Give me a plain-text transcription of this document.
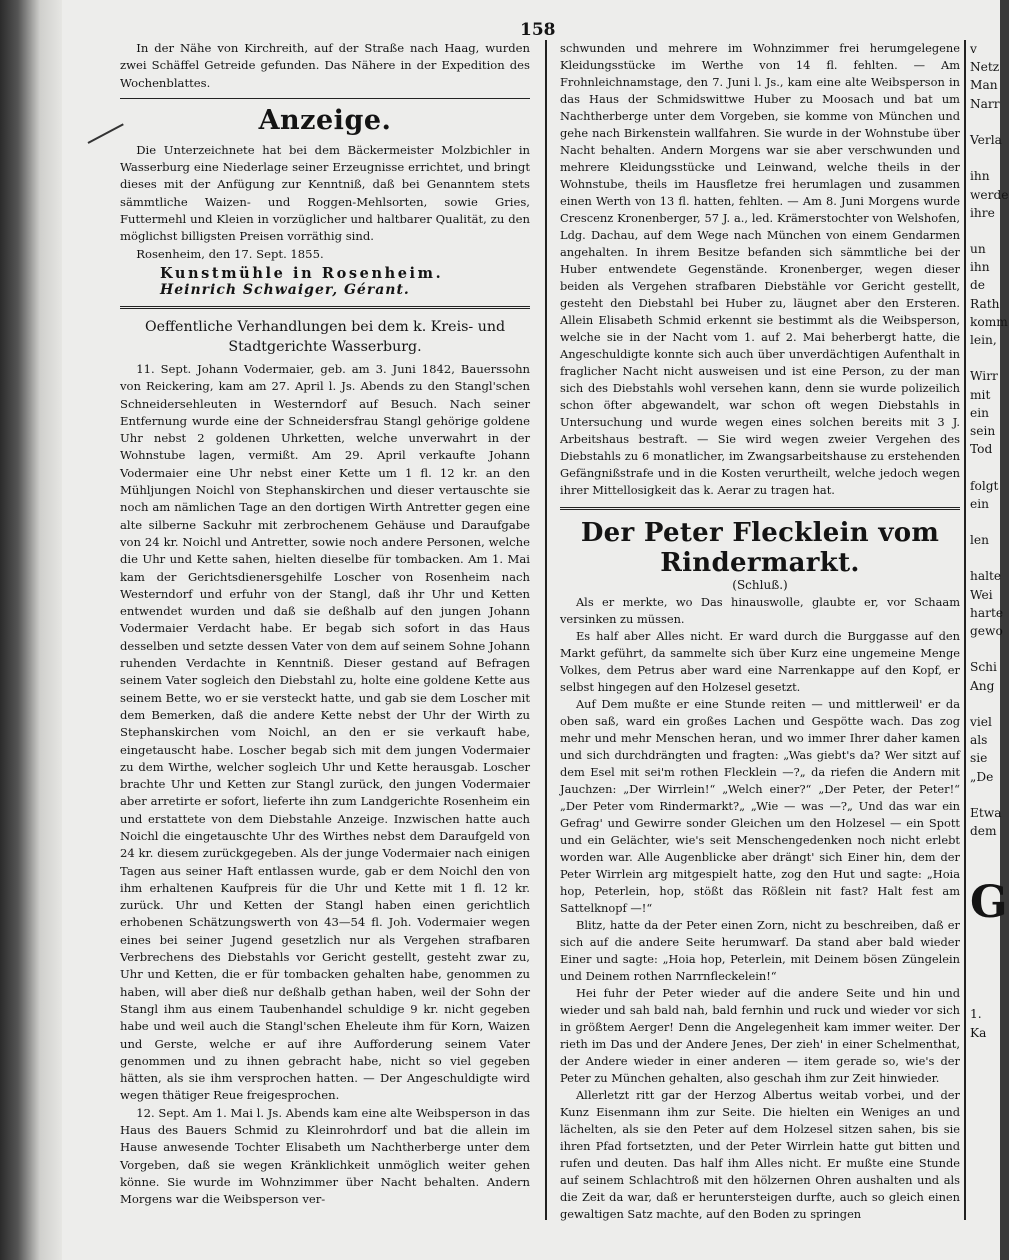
158

In der Nähe von Kirchreith, auf der Straße nach Haag, wurden zwei Schäffel Getreide gefunden. Das Nähere in der Expedition des Wochenblattes.

Anzeige.

Die Unterzeichnete hat bei dem Bäckermeister Molzbichler in Wasserburg eine Niederlage seiner Erzeugnisse errichtet, und bringt dieses mit der Anfügung zur Kenntniß, daß bei Genanntem stets sämmtliche Waizen- und Roggen-Mehlsorten, sowie Gries, Futtermehl und Kleien in vorzüglicher und haltbarer Qualität, zu den möglichst billigsten Preisen vorräthig sind.

Rosenheim, den 17. Sept. 1855.

Kunstmühle in Rosenheim.
Heinrich Schwaiger, Gérant.
Oeffentliche Verhandlungen bei dem k. Kreis- und Stadtgerichte Wasserburg.

11. Sept. Johann Vodermaier, geb. am 3. Juni 1842, Bauerssohn von Reickering, kam am 27. April l. Js. Abends zu den Stangl'schen Schneidersehleuten in Westerndorf auf Besuch. Nach seiner Entfernung wurde eine der Schneidersfrau Stangl gehörige goldene Uhr nebst 2 goldenen Uhrketten, welche unverwahrt in der Wohnstube lagen, vermißt. Am 29. April verkaufte Johann Vodermaier eine Uhr nebst einer Kette um 1 fl. 12 kr. an den Mühljungen Noichl von Stephanskirchen und dieser vertauschte sie noch am nämlichen Tage an den dortigen Wirth Antretter gegen eine alte silberne Sackuhr mit zerbrochenem Gehäuse und Daraufgabe von 24 kr. Noichl und Antretter, sowie noch andere Personen, welche die Uhr und Kette sahen, hielten dieselbe für tombacken. Am 1. Mai kam der Gerichtsdienersgehilfe Loscher von Rosenheim nach Westerndorf und erfuhr von der Stangl, daß ihr Uhr und Ketten entwendet wurden und daß sie deßhalb auf den jungen Johann Vodermaier Verdacht habe. Er begab sich sofort in das Haus desselben und setzte dessen Vater von dem auf seinem Sohne Johann ruhenden Verdachte in Kenntniß. Dieser gestand auf Befragen seinem Vater sogleich den Diebstahl zu, holte eine goldene Kette aus seinem Bette, wo er sie versteckt hatte, und gab sie dem Loscher mit dem Bemerken, daß die andere Kette nebst der Uhr der Wirth zu Stephanskirchen vom Noichl, an den er sie verkauft habe, eingetauscht habe. Loscher begab sich mit dem jungen Vodermaier zu dem Wirthe, welcher sogleich Uhr und Kette herausgab. Loscher brachte Uhr und Ketten zur Stangl zurück, den jungen Vodermaier aber arretirte er sofort, lieferte ihn zum Landgerichte Rosenheim ein und erstattete von dem Diebstahle Anzeige. Inzwischen hatte auch Noichl die eingetauschte Uhr des Wirthes nebst dem Daraufgeld von 24 kr. diesem zurückgegeben. Als der junge Vodermaier nach einigen Tagen aus seiner Haft entlassen wurde, gab er dem Noichl den von ihm erhaltenen Kaufpreis für die Uhr und Kette mit 1 fl. 12 kr. zurück. Uhr und Ketten der Stangl haben einen gerichtlich erhobenen Schätzungswerth von 43—54 fl. Joh. Vodermaier wegen eines bei seiner Jugend gesetzlich nur als Vergehen strafbaren Verbrechens des Diebstahls vor Gericht gestellt, gesteht zwar zu, Uhr und Ketten, die er für tombacken gehalten habe, genommen zu haben, will aber dieß nur deßhalb gethan haben, weil der Sohn der Stangl ihm aus einem Taubenhandel schuldige 9 kr. nicht gegeben habe und weil auch die Stangl'schen Eheleute ihm für Korn, Waizen und Gerste, welche er auf ihre Aufforderung seinem Vater genommen und zu ihnen gebracht habe, nicht so viel gegeben hätten, als sie ihm versprochen hatten. — Der Angeschuldigte wird wegen thätiger Reue freigesprochen.

12. Sept. Am 1. Mai l. Js. Abends kam eine alte Weibsperson in das Haus des Bauers Schmid zu Kleinrohrdorf und bat die allein im Hause anwesende Tochter Elisabeth um Nachtherberge unter dem Vorgeben, daß sie wegen Kränklichkeit unmöglich weiter gehen könne. Sie wurde im Wohnzimmer über Nacht behalten. Andern Morgens war die Weibsperson ver-

schwunden und mehrere im Wohnzimmer frei herumgelegene Kleidungsstücke im Werthe von 14 fl. fehlten. — Am Frohnleichnamstage, den 7. Juni l. Js., kam eine alte Weibsperson in das Haus der Schmidswittwe Huber zu Moosach und bat um Nachtherberge unter dem Vorgeben, sie komme von München und gehe nach Birkenstein wallfahren. Sie wurde in der Wohnstube über Nacht behalten. Andern Morgens war sie aber verschwunden und mehrere Kleidungsstücke und Leinwand, welche theils in der Wohnstube, theils im Hausfletze frei herumlagen und zusammen einen Werth von 13 fl. hatten, fehlten. — Am 8. Juni Morgens wurde Crescenz Kronenberger, 57 J. a., led. Krämerstochter von Welshofen, Ldg. Dachau, auf dem Wege nach München von einem Gendarmen angehalten. In ihrem Besitze befanden sich sämmtliche bei der Huber entwendete Gegenstände. Kronenberger, wegen dieser beiden als Vergehen strafbaren Diebstähle vor Gericht gestellt, gesteht den Diebstahl bei Huber zu, läugnet aber den Ersteren. Allein Elisabeth Schmid erkennt sie bestimmt als die Weibsperson, welche sie in der Nacht vom 1. auf 2. Mai beherbergt hatte, die Angeschuldigte konnte sich auch über unverdächtigen Aufenthalt in fraglicher Nacht nicht ausweisen und ist eine Person, zu der man sich des Diebstahls wohl versehen kann, denn sie wurde polizeilich schon öfter abgewandelt, war schon oft wegen Diebstahls in Untersuchung und wurde wegen eines solchen bereits mit 3 J. Arbeitshaus bestraft. — Sie wird wegen zweier Vergehen des Diebstahls zu 6 monatlicher, im Zwangsarbeitshause zu erstehenden Gefängnißstrafe und in die Kosten verurtheilt, welche jedoch wegen ihrer Mittellosigkeit das k. Aerar zu tragen hat.

Der Peter Flecklein vom Rindermarkt.
(Schluß.)

Als er merkte, wo Das hinauswolle, glaubte er, vor Schaam versinken zu müssen.

Es half aber Alles nicht. Er ward durch die Burggasse auf den Markt geführt, da sammelte sich über Kurz eine ungemeine Menge Volkes, dem Petrus aber ward eine Narrenkappe auf den Kopf, er selbst hingegen auf den Holzesel gesetzt.

Auf Dem mußte er eine Stunde reiten — und mittlerweil' er da oben saß, ward ein großes Lachen und Gespötte wach. Das zog mehr und mehr Menschen heran, und wo immer Ihrer daher kamen und sich durchdrängten und fragten: „Was giebt's da? Wer sitzt auf dem Esel mit sei'm rothen Flecklein —?„ da riefen die Andern mit Jauchzen: „Der Wirrlein!“ „Welch einer?“ „Der Peter, der Peter!“ „Der Peter vom Rindermarkt?„ „Wie — was —?„ Und das war ein Gefrag' und Gewirre sonder Gleichen um den Holzesel — ein Spott und ein Gelächter, wie's seit Menschengedenken noch nicht erlebt worden war. Alle Augenblicke aber drängt' sich Einer hin, dem der Peter Wirrlein arg mitgespielt hatte, zog den Hut und sagte: „Hoia hop, Peterlein, hop, stößt das Rößlein nit fast? Halt fest am Sattelknopf —!“

Blitz, hatte da der Peter einen Zorn, nicht zu beschreiben, daß er sich auf die andere Seite herumwarf. Da stand aber bald wieder Einer und sagte: „Hoia hop, Peterlein, mit Deinem bösen Züngelein und Deinem rothen Narrnfleckelein!“

Hei fuhr der Peter wieder auf die andere Seite und hin und wieder und sah bald nah, bald fernhin und ruck und wieder vor sich in größtem Aerger! Denn die Angelegenheit kam immer weiter. Der rieth im Das und der Andere Jenes, Der zieh' in einer Schelmenthat, der Andere wieder in einer anderen — item gerade so, wie's der Peter zu München gehalten, also geschah ihm zur Zeit hinwieder.

Allerletzt ritt gar der Herzog Albertus weitab vorbei, und der Kunz Eisenmann ihm zur Seite. Die hielten ein Weniges an und lächelten, als sie den Peter auf dem Holzesel sitzen sahen, bis sie ihren Pfad fortsetzten, und der Peter Wirrlein hatte gut bitten und rufen und deuten. Das half ihm Alles nicht. Er mußte eine Stunde auf seinem Schlachtroß mit den hölzernen Ohren aushalten und als die Zeit da war, daß er heruntersteigen durfte, auch so gleich einen gewaltigen Satz machte, auf den Boden zu springen

v
Netz
Man
Narr
Verla
ihn
werde
ihre
un
ihn
de
Rath
komm
lein,
Wirr
mit
ein
sein
Tod
folgt
ein
len
halte
Wei
harte
gewo
Schi
Ang
viel
als
sie
„De
Etwa
dem
G
1.
Ka
